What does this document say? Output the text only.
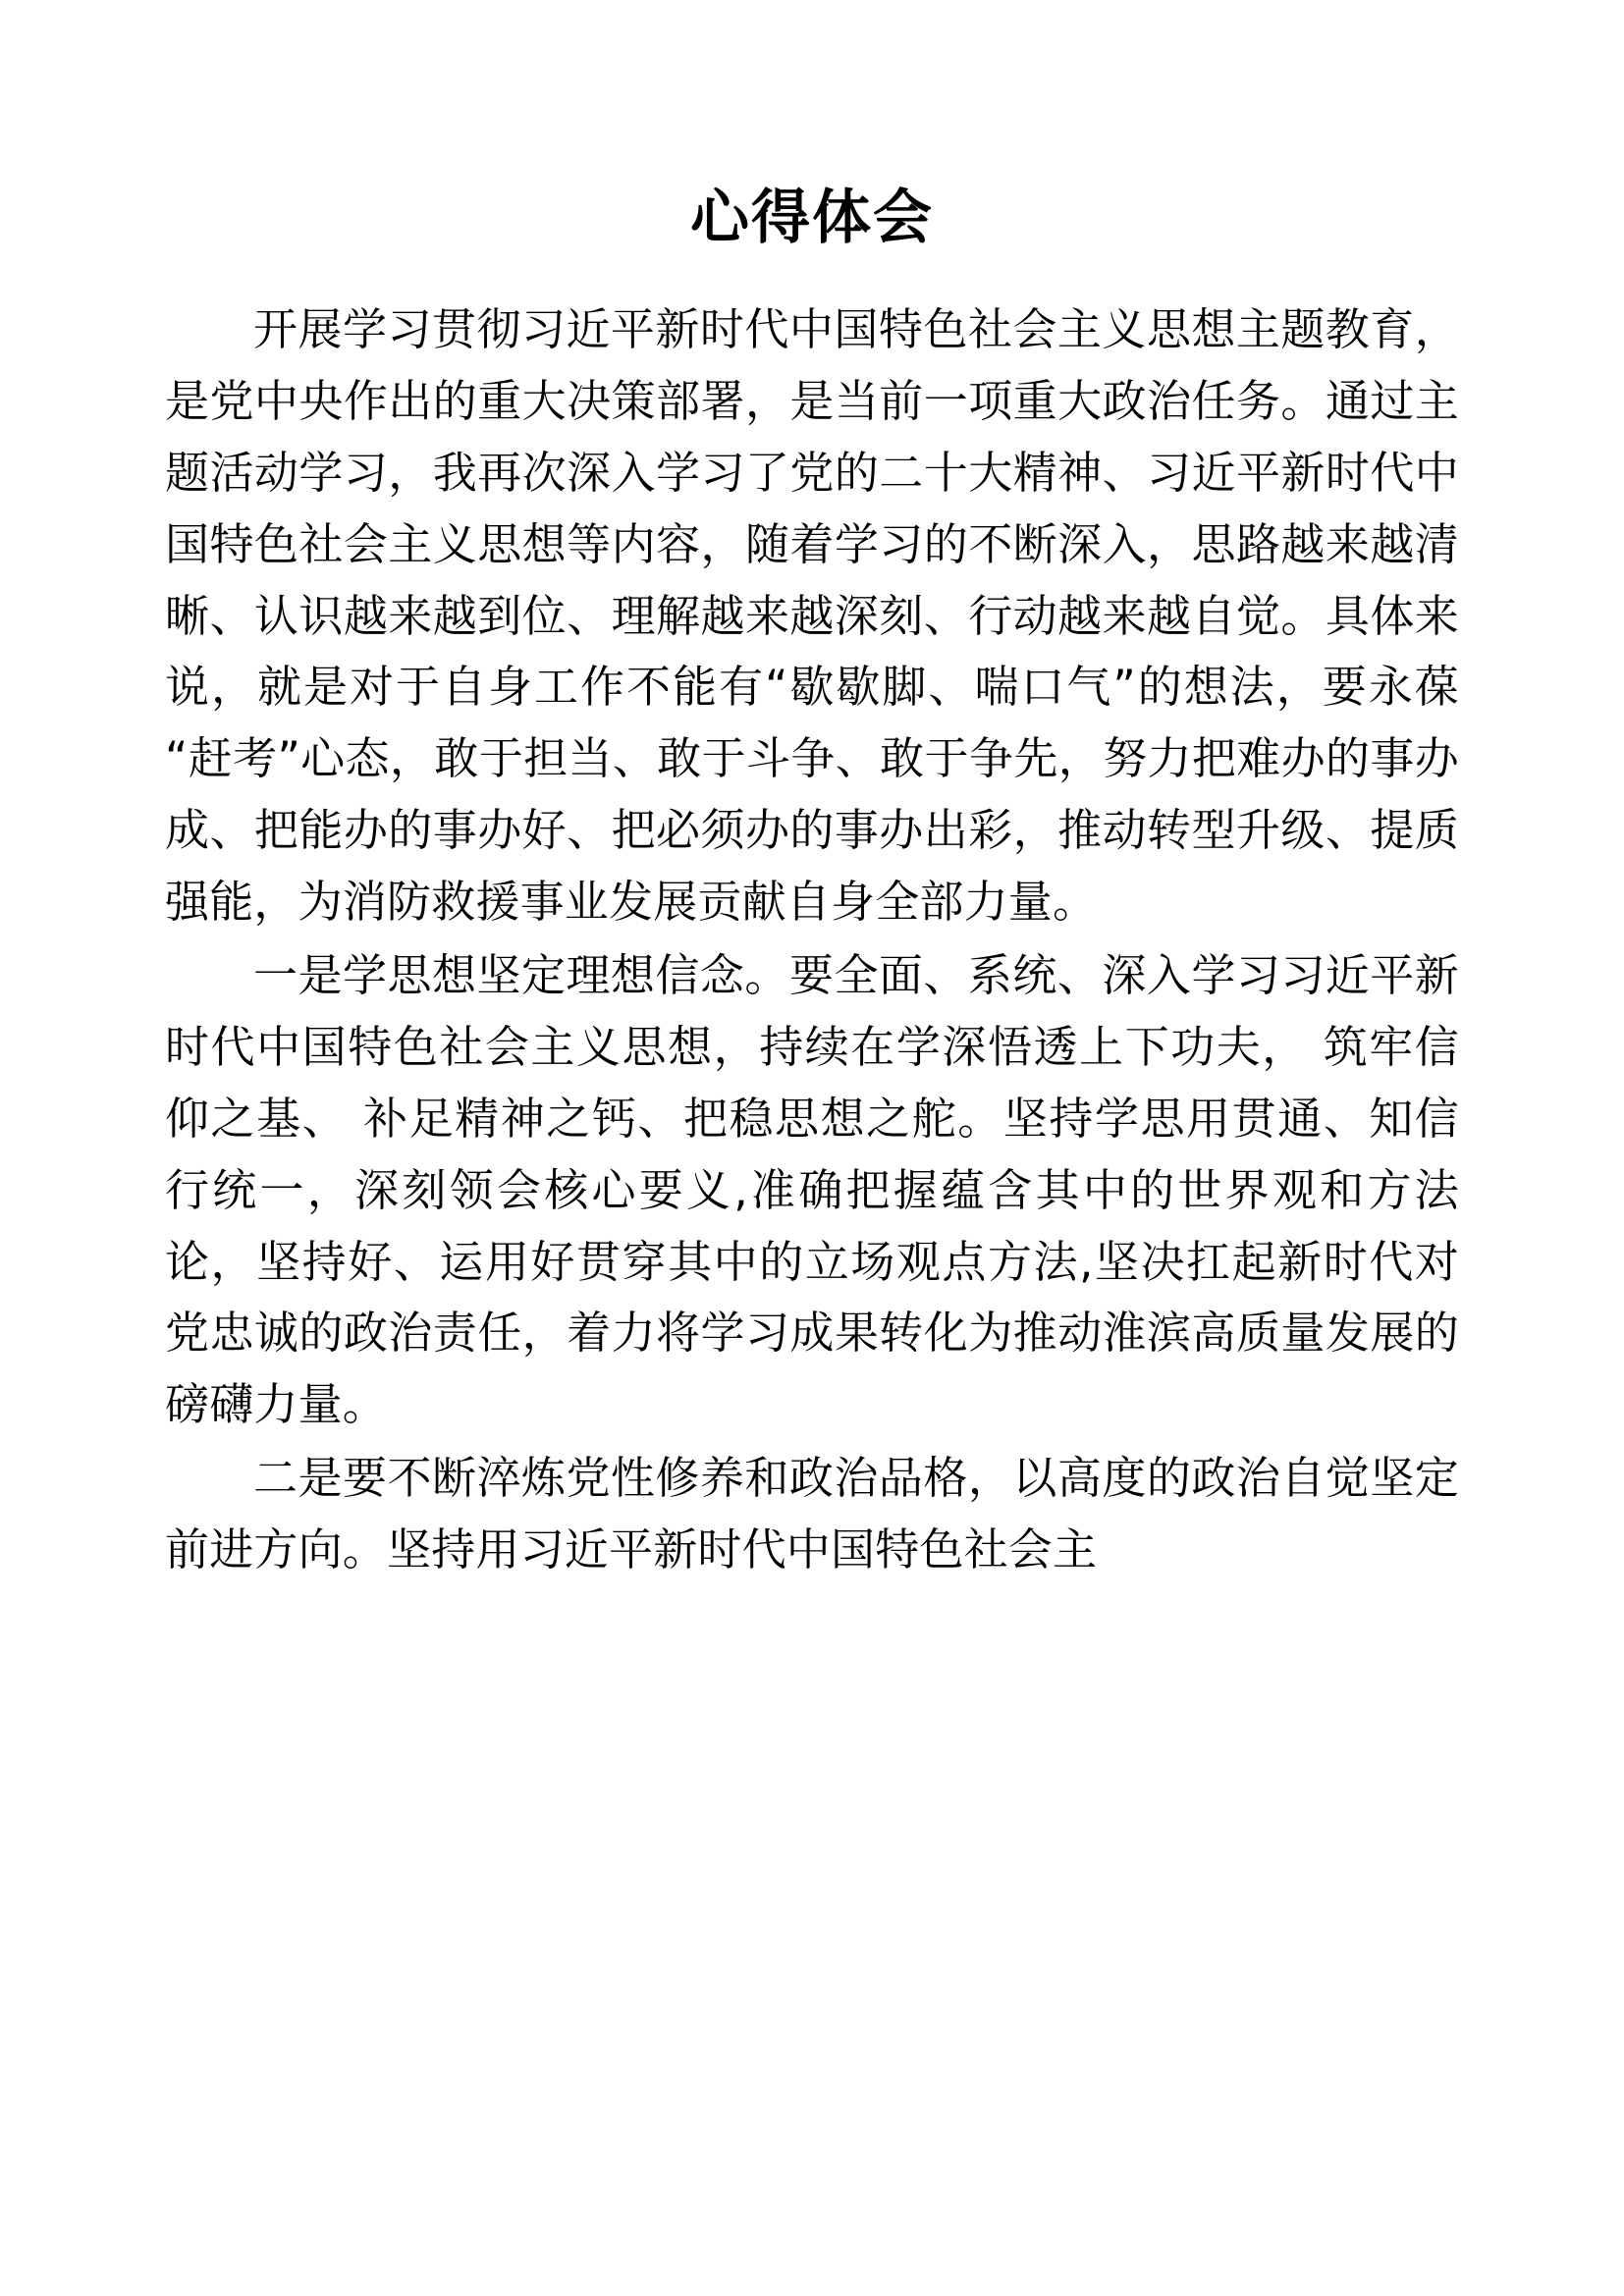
心得体会

开展学习贯彻习近平新时代中国特色社会主义思想主题教育，是党中央作出的重大决策部署，是当前一项重大政治任务。通过主题活动学习，我再次深入学习了党的二十大精神、习近平新时代中国特色社会主义思想等内容，随着学习的不断深入，思路越来越清晰、认识越来越到位、理解越来越深刻、行动越来越自觉。具体来说，就是对于自身工作不能有“歇歇脚、喘口气”的想法，要永葆“赶考”心态，敢于担当、敢于斗争、敢于争先，努力把难办的事办成、把能办的事办好、把必须办的事办出彩，推动转型升级、提质强能，为消防救援事业发展贡献自身全部力量。

一是学思想坚定理想信念。要全面、系统、深入学习习近平新时代中国特色社会主义思想，持续在学深悟透上下功夫， 筑牢信仰之基、 补足精神之钙、把稳思想之舵。坚持学思用贯通、知信行统一，深刻领会核心要义,准确把握蕴含其中的世界观和方法论，坚持好、运用好贯穿其中的立场观点方法,坚决扛起新时代对党忠诚的政治责任，着力将学习成果转化为推动淮滨高质量发展的磅礴力量。

二是要不断淬炼党性修养和政治品格，以高度的政治自觉坚定前进方向。坚持用习近平新时代中国特色社会主
